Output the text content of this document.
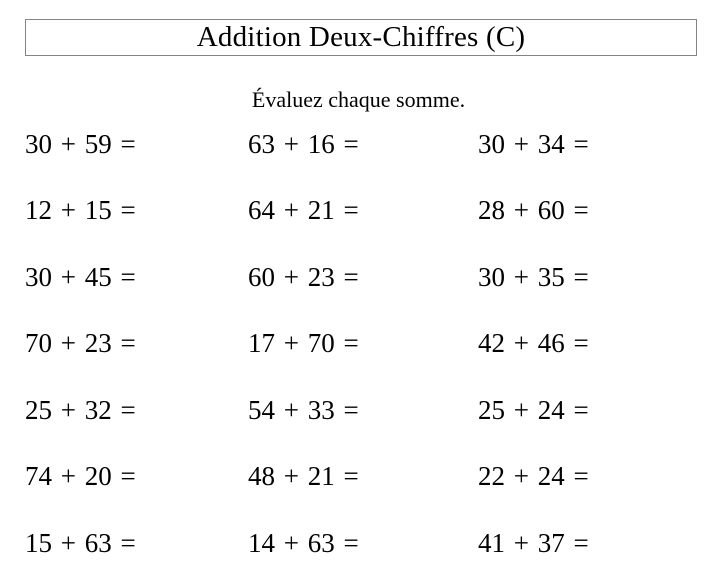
Addition Deux-Chiffres (C)
Évaluez chaque somme.
30 + 59 =	63 + 16 =	30 + 34 =
12 + 15 =	64 + 21 =	28 + 60 =
30 + 45 =	60 + 23 =	30 + 35 =
70 + 23 =	17 + 70 =	42 + 46 =
25 + 32 =	54 + 33 =	25 + 24 =
74 + 20 =	48 + 21 =	22 + 24 =
15 + 63 =	14 + 63 =	41 + 37 =
